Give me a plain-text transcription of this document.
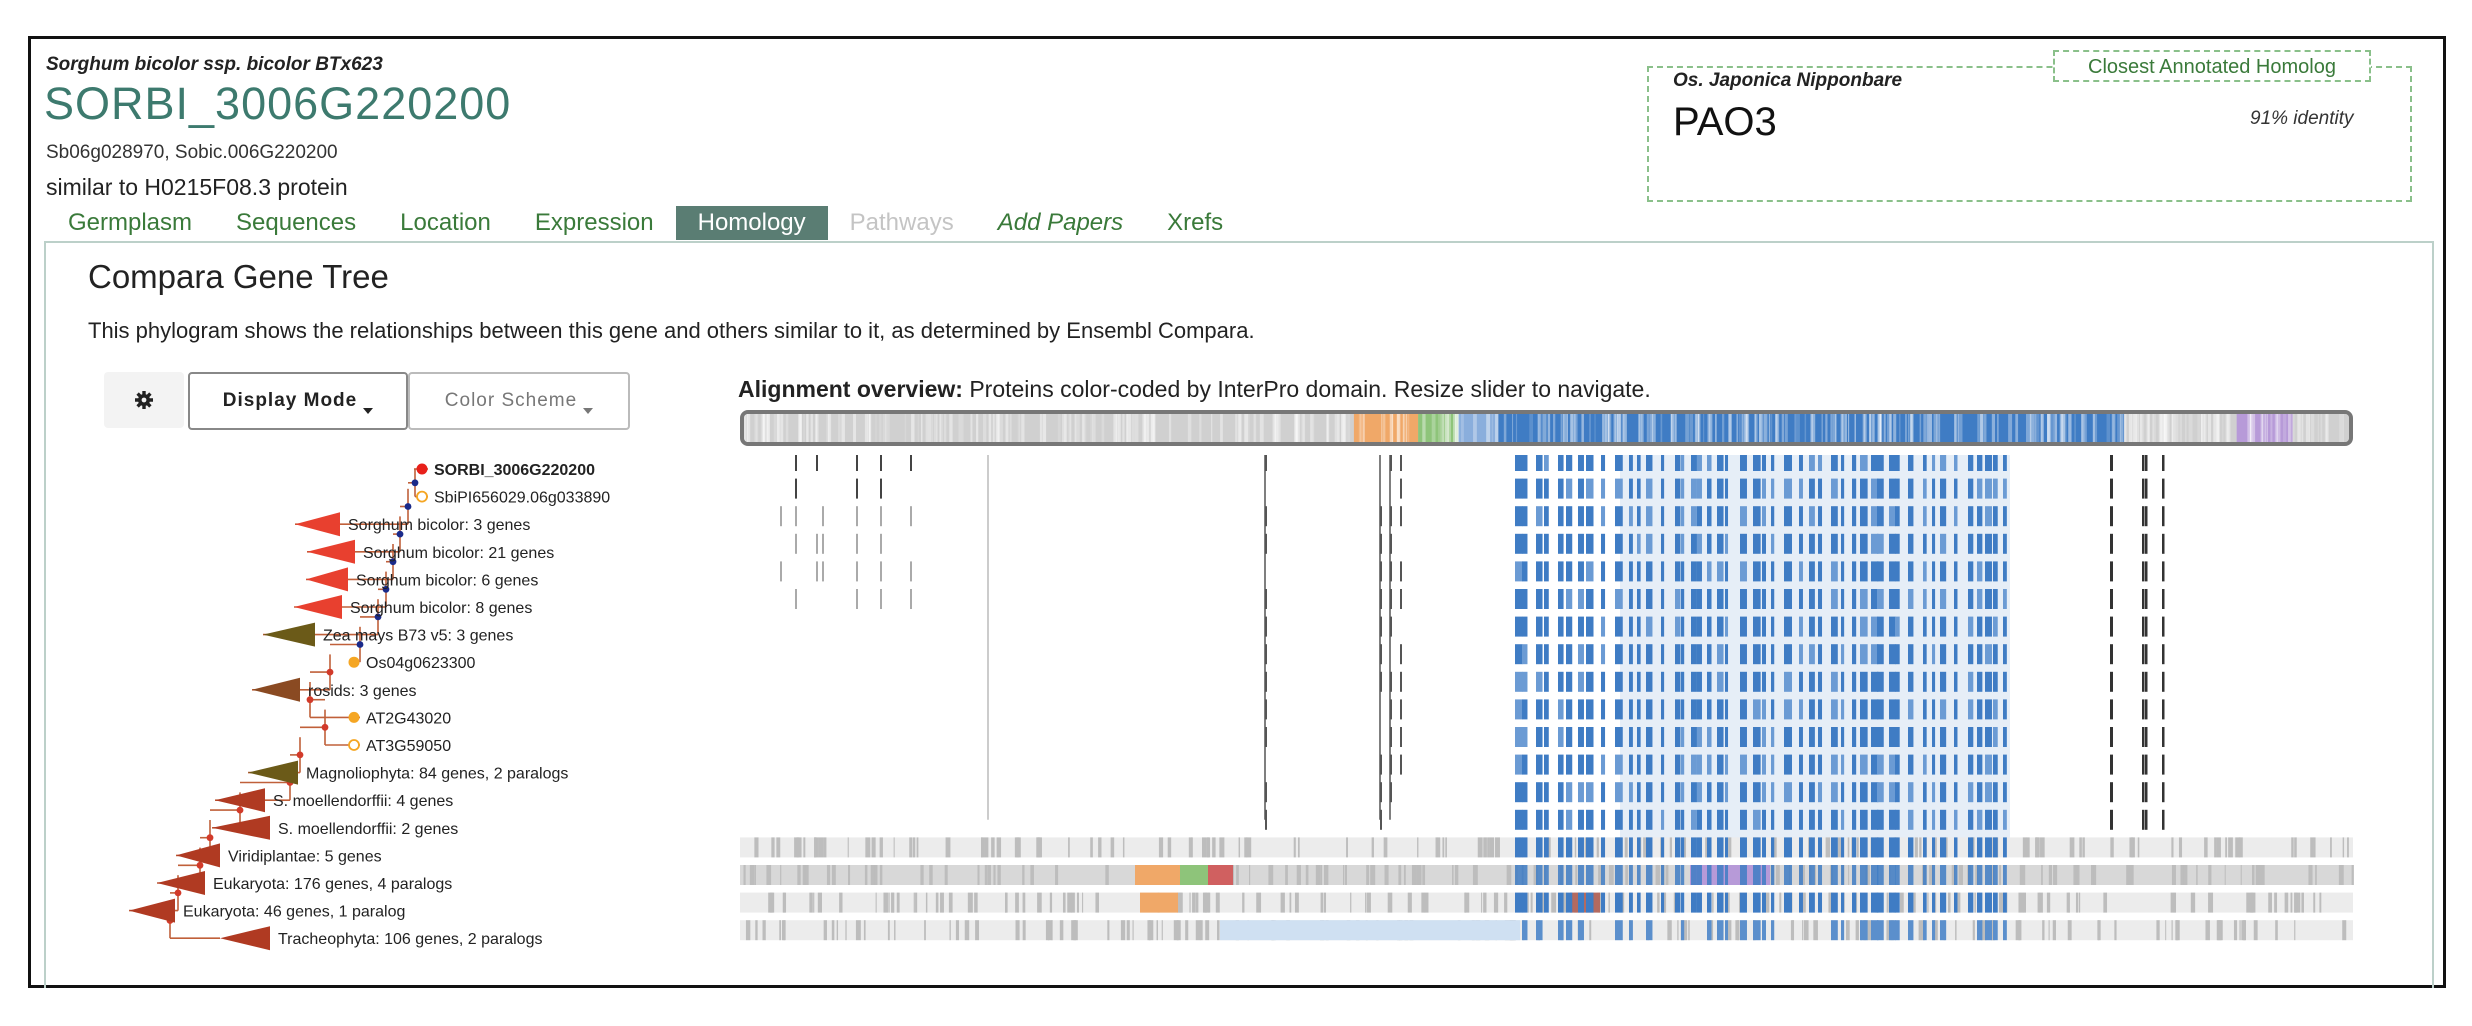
Sorghum bicolor ssp. bicolor BTx623
SORBI_3006G220200
Sb06g028970, Sobic.006G220200
similar to H0215F08.3 protein
Closest Annotated Homolog
Os. Japonica Nipponbare
PAO3	91% identity
Germplasm	Sequences	Location	Expression	Homology	Pathways	Add Papers	Xrefs
Compara Gene Tree
This phylogram shows the relationships between this gene and others similar to it, as determined by Ensembl Compara.
Display Mode	Color Scheme	Alignment overview: Proteins color-coded by InterPro domain. Resize slider to navigate.
SORBI_3006G220200
SbiPI656029.06g033890
Sorghum bicolor: 3 genes
Sorghum bicolor: 21 genes
Sorghum bicolor: 6 genes
Sorghum bicolor: 8 genes
Zea mays B73 v5: 3 genes
Os04g0623300
rosids: 3 genes
AT2G43020
AT3G59050
Magnoliophyta: 84 genes, 2 paralogs
S. moellendorffii: 4 genes
S. moellendorffii: 2 genes
Viridiplantae: 5 genes
Eukaryota: 176 genes, 4 paralogs
Eukaryota: 46 genes, 1 paralog
Tracheophyta: 106 genes, 2 paralogs
